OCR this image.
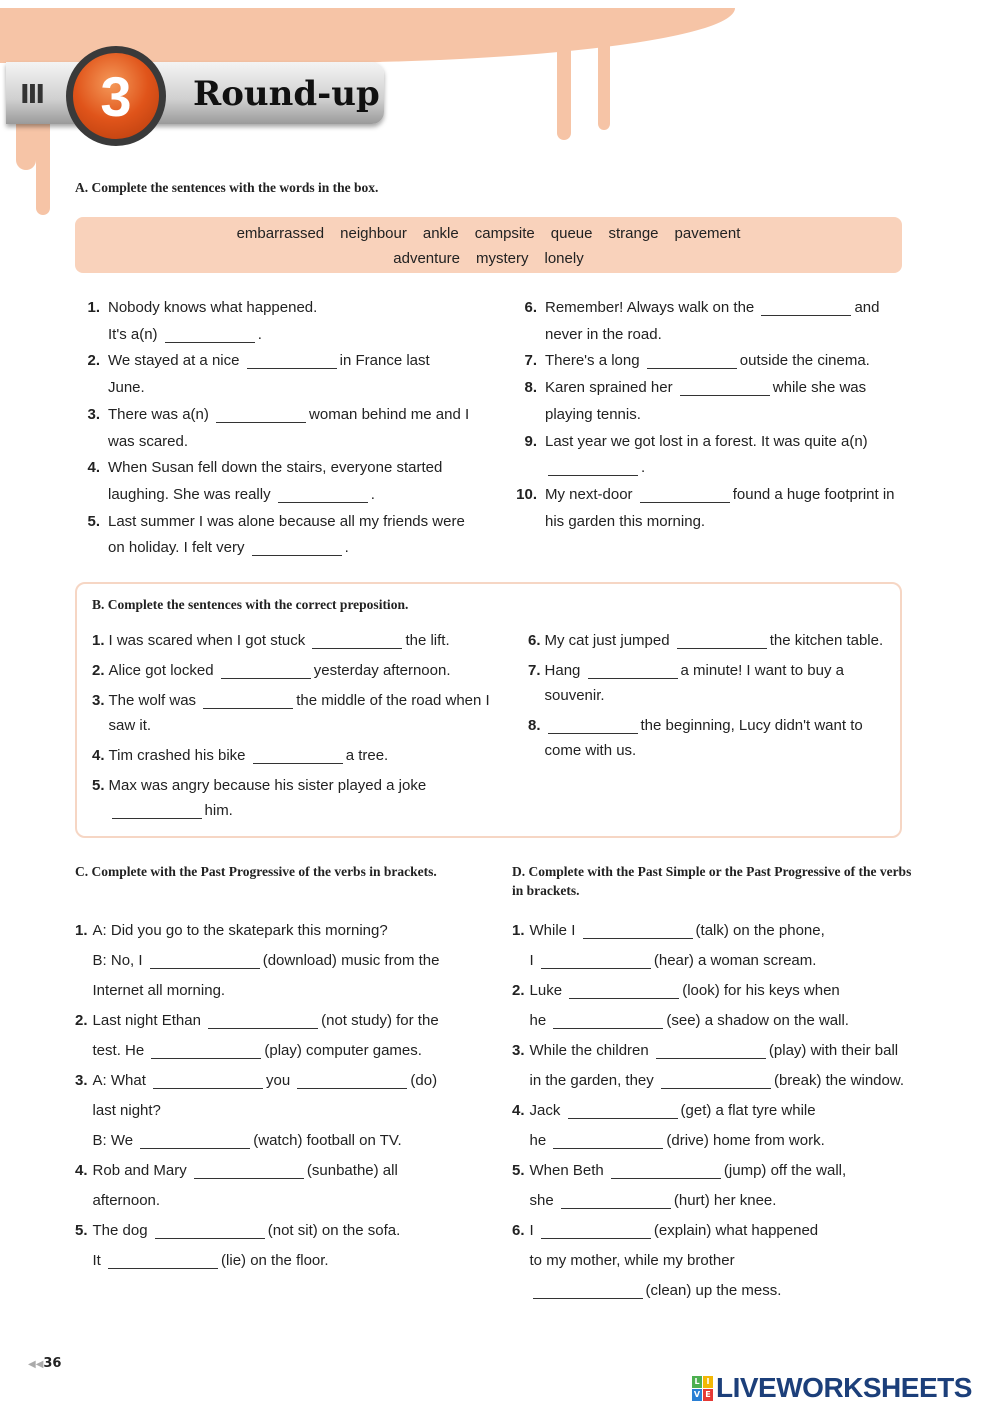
III	3	Round-up
A. Complete the sentences with the words in the box.
embarrassed neighbour ankle campsite queue strange pavement
adventure mystery lonely
1. Nobody knows what happened.
It's a(n)	.
2. We stayed at a nice	in France last June.
3. There was a(n)	woman behind me and I was scared.
4. When Susan fell down the stairs, everyone started laughing. She was really	.
5. Last summer I was alone because all my friends were on holiday. I felt very	.
6. Remember! Always walk on the	and never in the road.
7. There's a long	outside the cinema.
8. Karen sprained her	while she was playing tennis.
9. Last year we got lost in a forest. It was quite a(n) .
10. My next-door	found a huge footprint in his garden this morning.
B. Complete the sentences with the correct preposition.
1. I was scared when I got stuck	the lift.
2. Alice got locked	yesterday afternoon.
3. The wolf was	the middle of the road when I saw it.
4. Tim crashed his bike	a tree.
5. Max was angry because his sister played a joke him.
6. My cat just jumped	the kitchen table.
7. Hang	a minute! I want to buy a souvenir.
8.	the beginning, Lucy didn't want to come with us.
C. Complete with the Past Progressive of the verbs in brackets.	D. Complete with the Past Simple or the Past Progressive of the verbs in brackets.
1. A: Did you go to the skatepark this morning?
B: No, I	(download) music from the Internet all morning.
2. Last night Ethan	(not study) for the test. He	(play) computer games.
3. A: What	you	(do) last night?
B: We	(watch) football on TV.
4. Rob and Mary	(sunbathe) all afternoon.
5. The dog	(not sit) on the sofa.
It	(lie) on the floor.
1. While I	(talk) on the phone,
I	(hear) a woman scream.
2. Luke	(look) for his keys when
he	(see) a shadow on the wall.
3. While the children	(play) with their ball in the garden, they	(break) the window.
4. Jack	(get) a flat tyre while
he	(drive) home from work.
5. When Beth	(jump) off the wall,
she	(hurt) her knee.
6. I	(explain) what happened
to my mother, while my brother
(clean) up the mess.
◀◀36
L I
V E LIVEWORKSHEETS
